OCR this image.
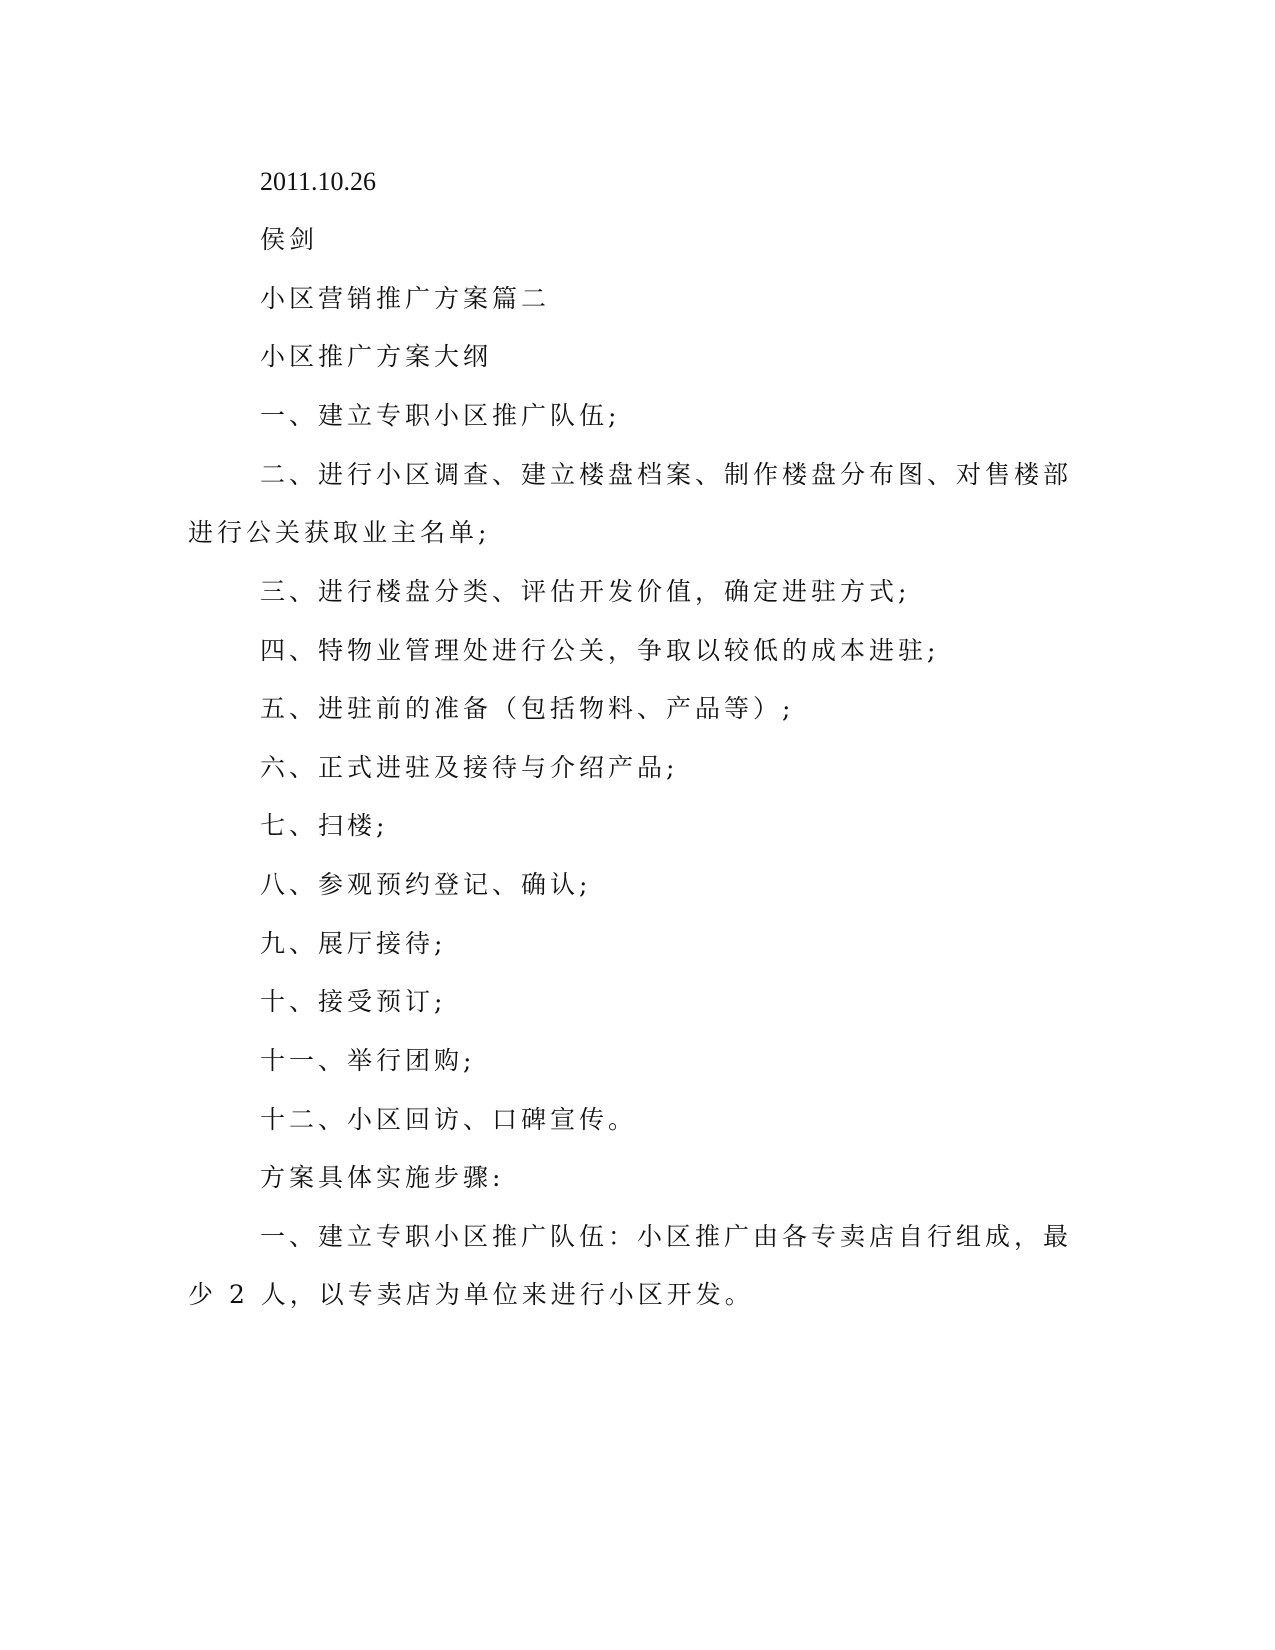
2011.10.26
侯剑
小区营销推广方案篇二
小区推广方案大纲
一、建立专职小区推广队伍;
二、进行小区调查、建立楼盘档案、制作楼盘分布图、对售楼部
进行公关获取业主名单;
三、进行楼盘分类、评估开发价值，确定进驻方式;
四、特物业管理处进行公关，争取以较低的成本进驻;
五、进驻前的准备（包括物料、产品等）;
六、正式进驻及接待与介绍产品;
七、扫楼;
八、参观预约登记、确认;
九、展厅接待;
十、接受预订;
十一、举行团购;
十二、小区回访、口碑宣传。
方案具体实施步骤:
一、建立专职小区推广队伍：小区推广由各专卖店自行组成，最
少 2 人，以专卖店为单位来进行小区开发。
